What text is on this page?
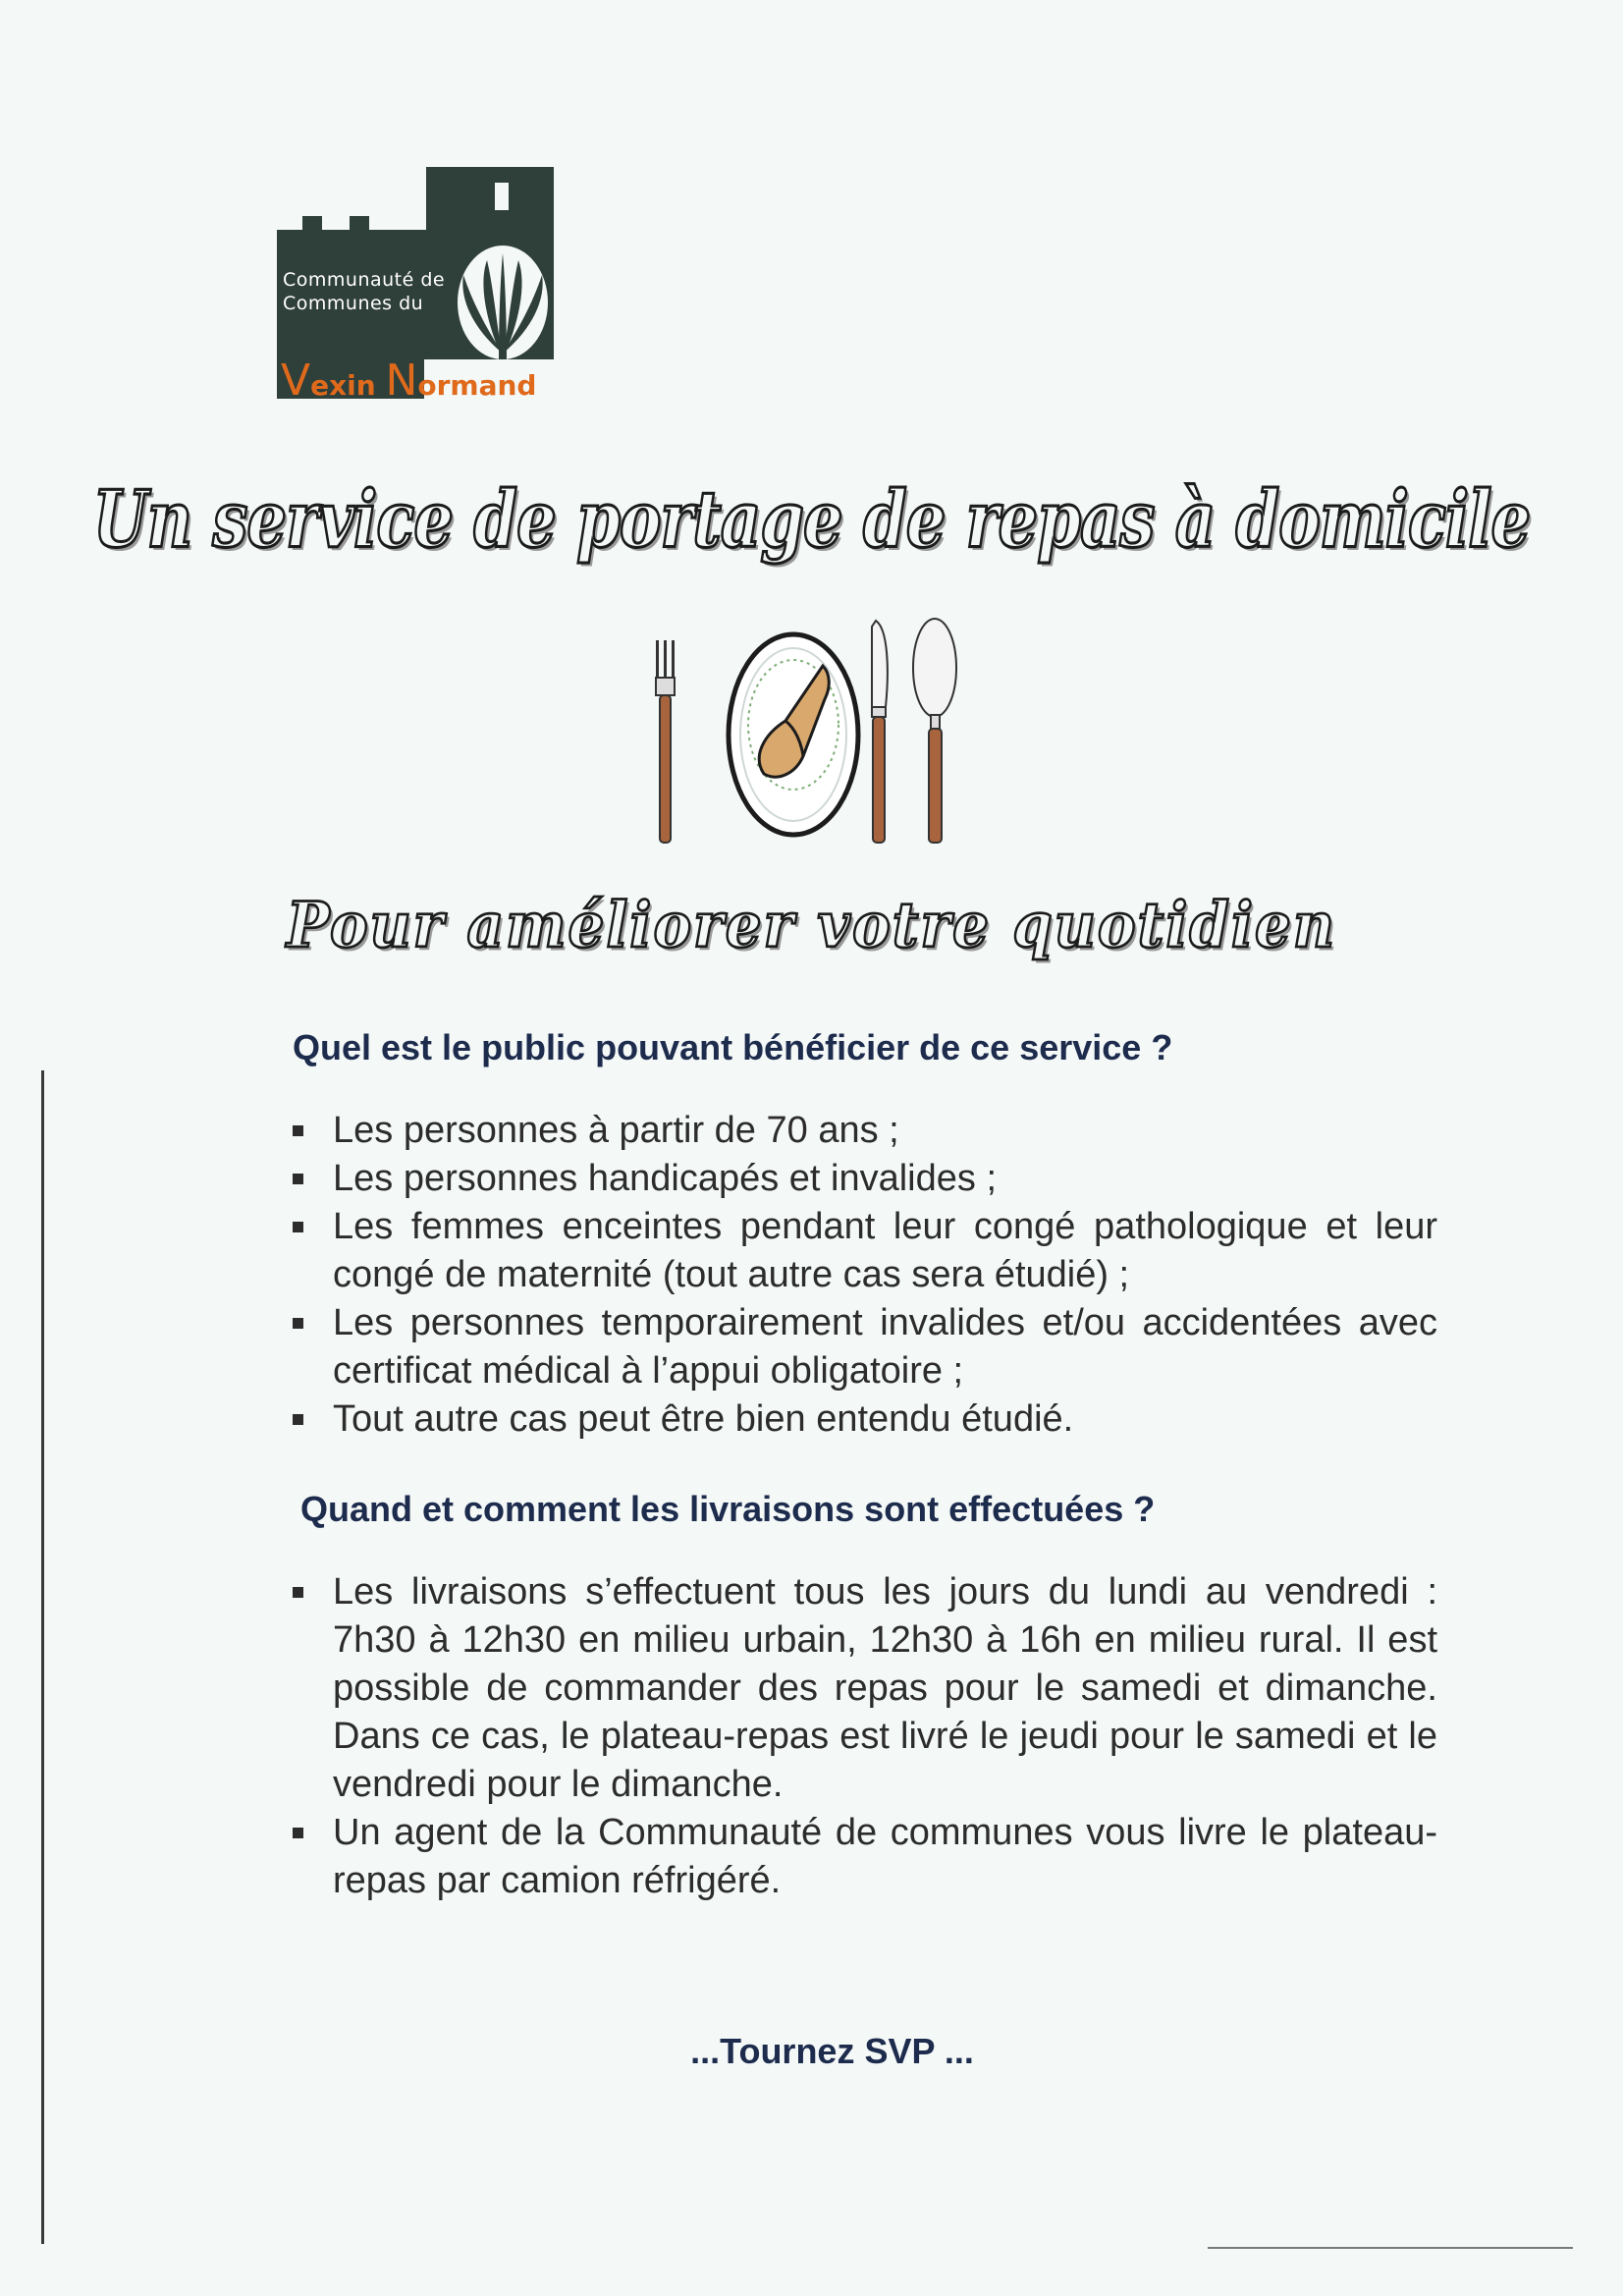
Communauté de
Communes du
Vexin Normand
Un service de portage de repas à domicile
Pour améliorer votre quotidien
Quel est le public pouvant bénéficier de ce service ?
Les personnes à partir de 70 ans ;
Les personnes handicapés et invalides ;
Les femmes enceintes pendant leur congé pathologique et leur congé de maternité (tout autre cas sera étudié) ;
Les personnes temporairement invalides et/ou accidentées avec certificat médical à l’appui obligatoire ;
Tout autre cas peut être bien entendu étudié.
Quand et comment les livraisons sont effectuées ?
Les livraisons s’effectuent tous les jours du lundi au vendredi : 7h30 à 12h30 en milieu urbain, 12h30 à 16h en milieu rural. Il est possible de commander des repas pour le samedi et dimanche. Dans ce cas, le plateau-repas est livré le jeudi pour le samedi et le vendredi pour le dimanche.
Un agent de la Communauté de communes vous livre le plateau-repas par camion réfrigéré.

...Tournez SVP ...
